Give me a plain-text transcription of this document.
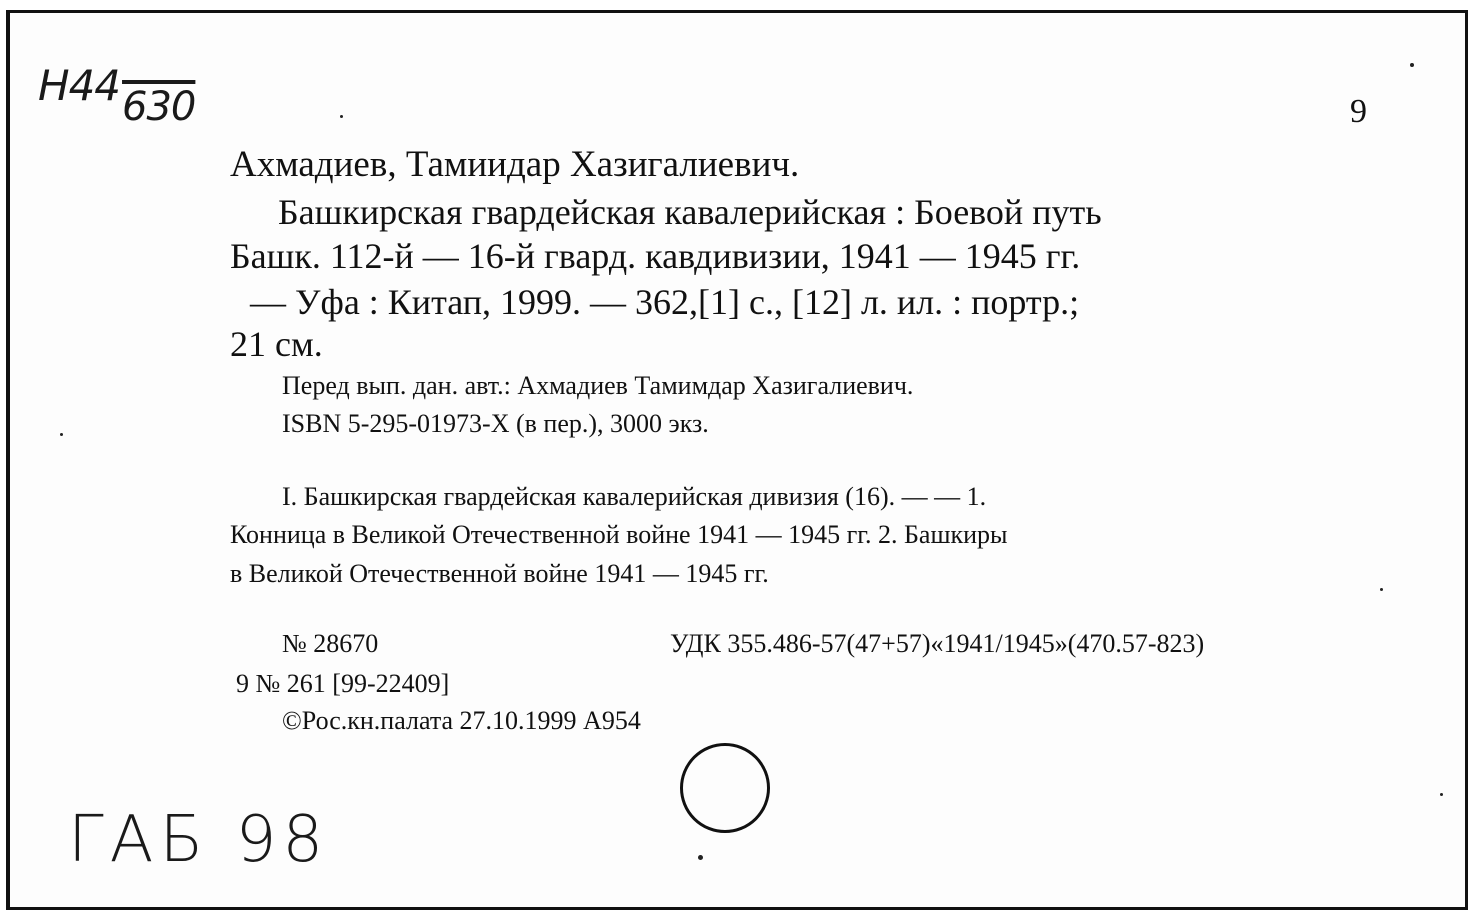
Н44630	9
Ахмадиев, Тамиидар Хазигалиевич.
Башкирская гвардейская кавалерийская : Боевой путь
Башк. 112-й — 16-й гвард. кавдивизии, 1941 — 1945 гг.
— Уфа : Китап, 1999. — 362,[1] с., [12] л. ил. : портр.;
21 см.
Перед вып. дан. авт.: Ахмадиев Тамимдар Хазигалиевич.
ISBN 5-295-01973-X (в пер.), 3000 экз.
I. Башкирская гвардейская кавалерийская дивизия (16). — — 1.
Конница в Великой Отечественной войне 1941 — 1945 гг. 2. Башкиры
в Великой Отечественной войне 1941 — 1945 гг.
№ 28670	УДК 355.486-57(47+57)«1941/1945»(470.57-823)
9 № 261 [99-22409]
©Рос.кн.палата 27.10.1999 А954
ГАБ 98
